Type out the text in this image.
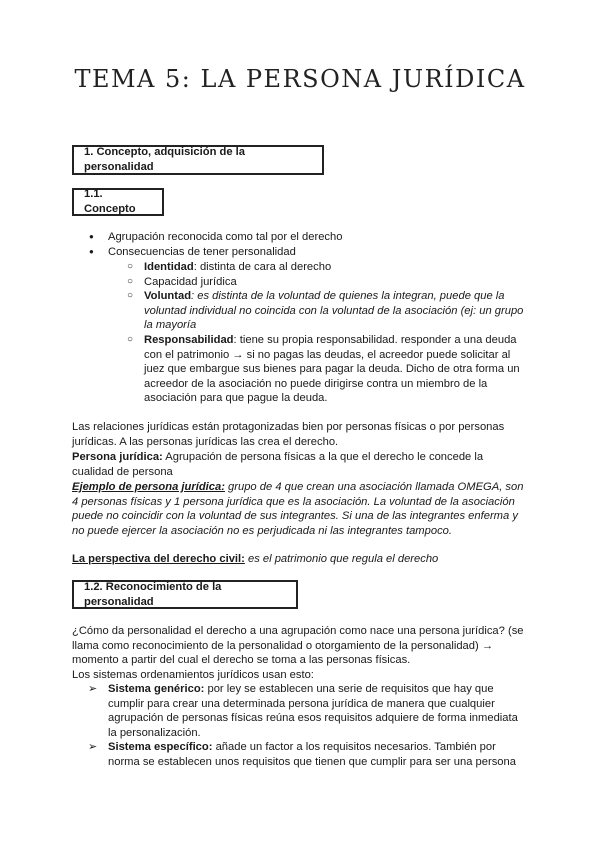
TEMA 5: LA PERSONA JURÍDICA
1. Concepto, adquisición de la personalidad
1.1. Concepto
● Agrupación reconocida como tal por el derecho
● Consecuencias de tener personalidad
○ Identidad: distinta de cara al derecho
○ Capacidad jurídica
○ Voluntad: es distinta de la voluntad de quienes la integran, puede que la voluntad individual no coincida con la voluntad de la asociación (ej: un grupo la mayoría
○ Responsabilidad: tiene su propia responsabilidad. responder a una deuda con el patrimonio → si no pagas las deudas, el acreedor puede solicitar al juez que embargue sus bienes para pagar la deuda. Dicho de otra forma un acreedor de la asociación no puede dirigirse contra un miembro de la asociación para que pague la deuda.
Las relaciones jurídicas están protagonizadas bien por personas físicas o por personas jurídicas. A las personas jurídicas las crea el derecho.
Persona jurídica: Agrupación de persona físicas a la que el derecho le concede la cualidad de persona
Ejemplo de persona jurídica: grupo de 4 que crean una asociación llamada OMEGA, son 4 personas físicas y 1 persona jurídica que es la asociación. La voluntad de la asociación puede no coincidir con la voluntad de sus integrantes. Si una de las integrantes enferma y no puede ejercer la asociación no es perjudicada ni las integrantes tampoco.
La perspectiva del derecho civil: es el patrimonio que regula el derecho
1.2. Reconocimiento de la personalidad
¿Cómo da personalidad el derecho a una agrupación como nace una persona jurídica? (se llama como reconocimiento de la personalidad o otorgamiento de la personalidad) → momento a partir del cual el derecho se toma a las personas físicas.
Los sistemas ordenamientos jurídicos usan esto:
➢ Sistema genérico: por ley se establecen una serie de requisitos que hay que cumplir para crear una determinada persona jurídica de manera que cualquier agrupación de personas físicas reúna esos requisitos adquiere de forma inmediata la personalización.
➢ Sistema específico: añade un factor a los requisitos necesarios. También por norma se establecen unos requisitos que tienen que cumplir para ser una persona
